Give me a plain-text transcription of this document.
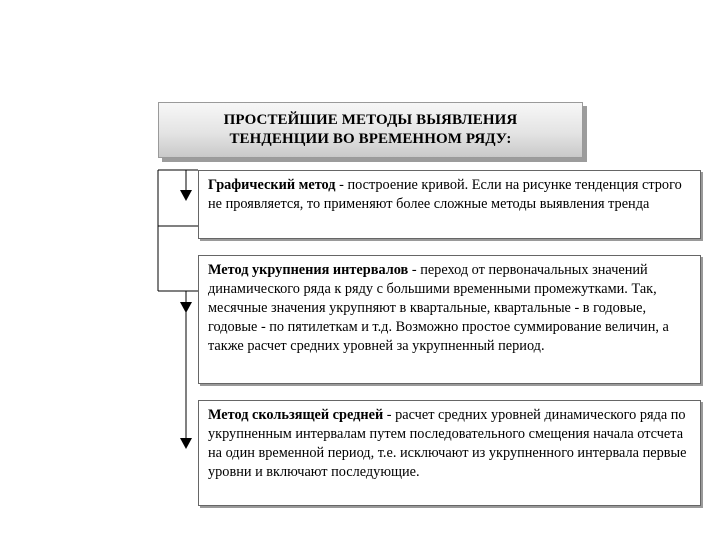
ПРОСТЕЙШИЕ МЕТОДЫ ВЫЯВЛЕНИЯ
ТЕНДЕНЦИИ ВО ВРЕМЕННОМ РЯДУ:
Графический метод - построение кривой. Если на рисунке тенденция строго не проявляется, то применяют более сложные методы выявления тренда
Метод укрупнения интервалов - переход от первоначальных значений динамического ряда к ряду с большими временными промежутками. Так, месячные значения укрупняют в квартальные, квартальные - в годовые, годовые - по пятилеткам и т.д. Возможно простое суммирование величин, а также расчет средних уровней за укрупненный период.
Метод скользящей средней - расчет средних уровней динамического ряда по укрупненным интервалам путем последовательного смещения начала отсчета на один временной период, т.е. исключают из укрупненного интервала первые уровни и включают последующие.
